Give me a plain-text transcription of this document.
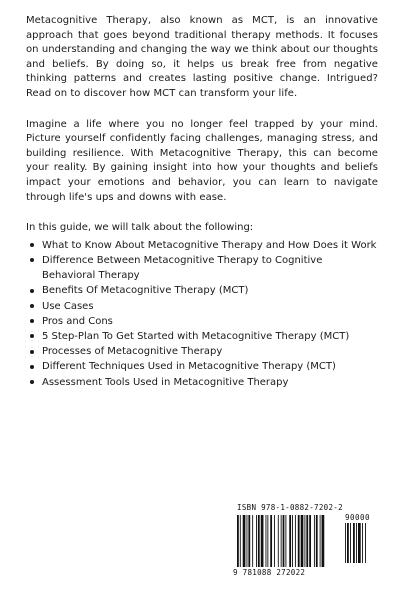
Metacognitive Therapy, also known as MCT, is an innovative approach that goes beyond traditional therapy methods. It focuses on understanding and changing the way we think about our thoughts and beliefs. By doing so, it helps us break free from negative thinking patterns and creates lasting positive change. Intrigued? Read on to discover how MCT can transform your life.

Imagine a life where you no longer feel trapped by your mind. Picture yourself confidently facing challenges, managing stress, and building resilience. With Metacognitive Therapy, this can become your reality. By gaining insight into how your thoughts and beliefs impact your emotions and behavior, you can learn to navigate through life's ups and downs with ease.

In this guide, we will talk about the following:

What to Know About Metacognitive Therapy and How Does it Work
Difference Between Metacognitive Therapy to Cognitive Behavioral Therapy
Benefits Of Metacognitive Therapy (MCT)
Use Cases
Pros and Cons
5 Step-Plan To Get Started with Metacognitive Therapy (MCT)
Processes of Metacognitive Therapy
Different Techniques Used in Metacognitive Therapy (MCT)
Assessment Tools Used in Metacognitive Therapy
ISBN 978-1-0882-7202-2
90000
9 781088 272022
